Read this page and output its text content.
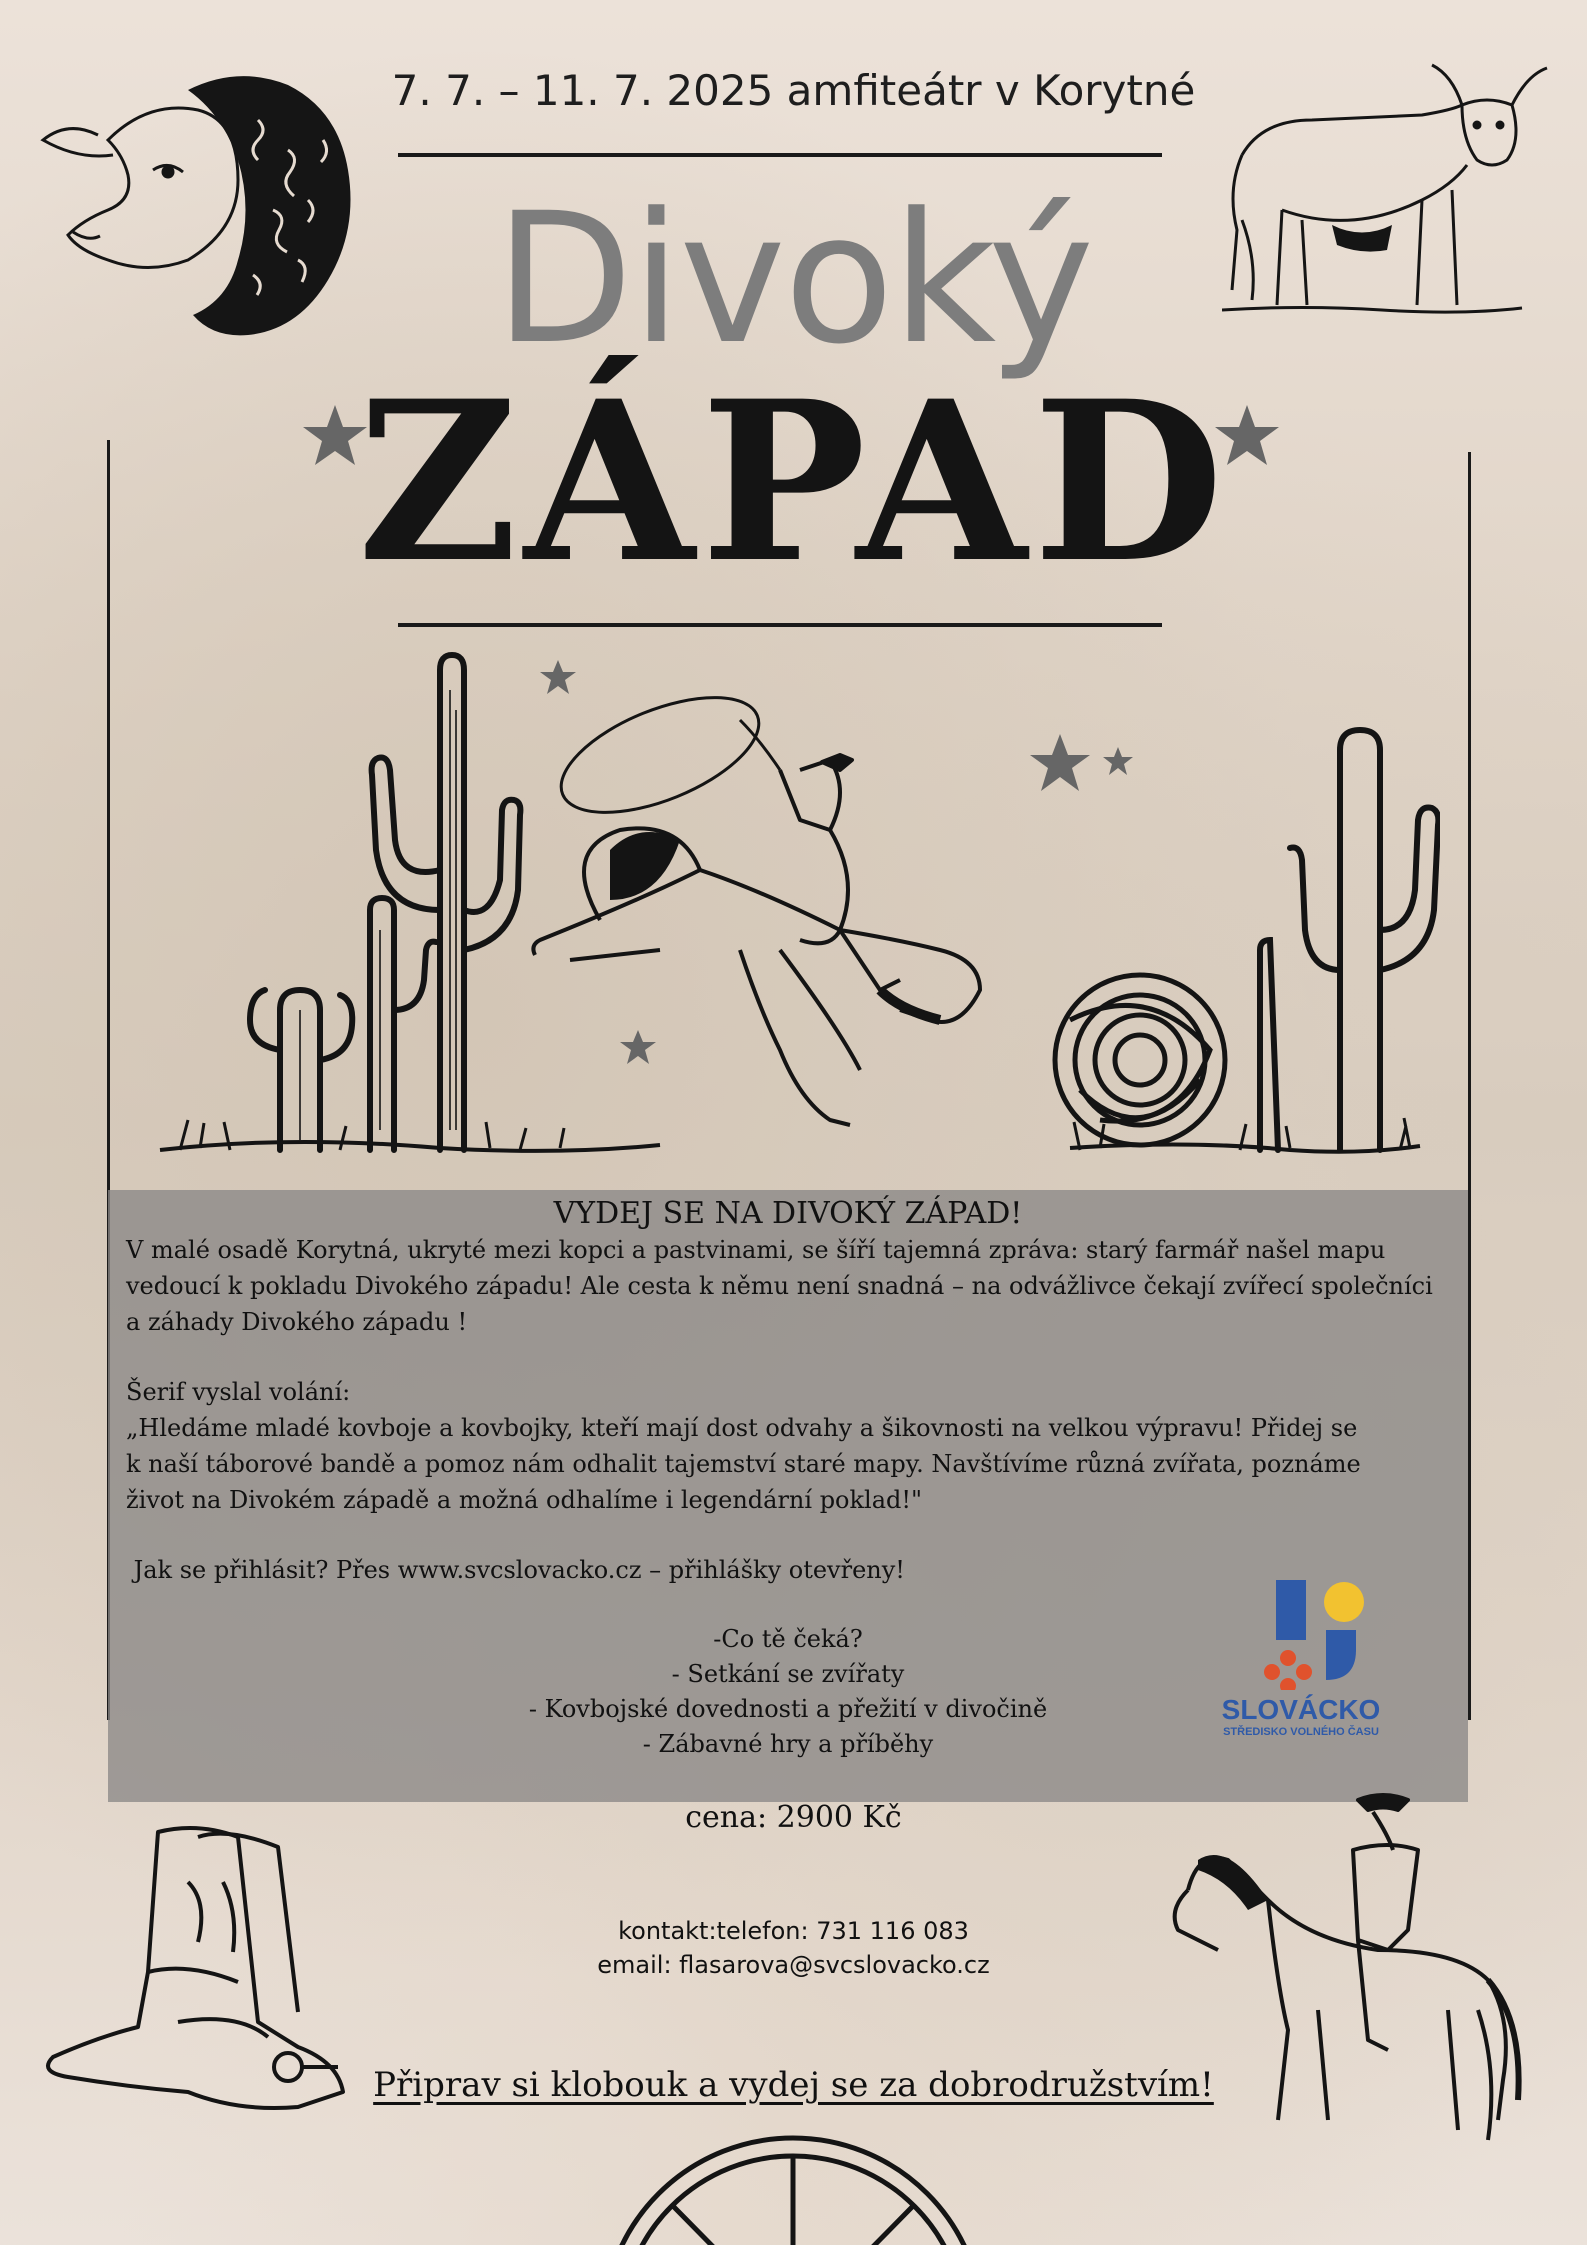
7. 7. – 11. 7. 2025 amfiteátr v Korytné
Divoký
ZÁPAD
VYDEJ SE NA DIVOKÝ ZÁPAD!
V malé osadě Korytná, ukryté mezi kopci a pastvinami, se šíří tajemná zpráva: starý farmář našel mapu
vedoucí k pokladu Divokého západu! Ale cesta k němu není snadná – na odvážlivce čekají zvířecí společníci
a záhady Divokého západu !
Šerif vyslal volání:
„Hledáme mladé kovboje a kovbojky, kteří mají dost odvahy a šikovnosti na velkou výpravu! Přidej se
k naší táborové bandě a pomoz nám odhalit tajemství staré mapy. Navštívíme různá zvířata, poznáme
život na Divokém západě a možná odhalíme i legendární poklad!"
Jak se přihlásit? Přes www.svcslovacko.cz – přihlášky otevřeny!
-Co tě čeká?
- Setkání se zvířaty
- Kovbojské dovednosti a přežití v divočině
- Zábavné hry a příběhy
SLOVÁCKO
STŘEDISKO VOLNÉHO ČASU
cena: 2900 Kč
kontakt:telefon: 731 116 083
email: flasarova@svcslovacko.cz
Připrav si klobouk a vydej se za dobrodružstvím!
